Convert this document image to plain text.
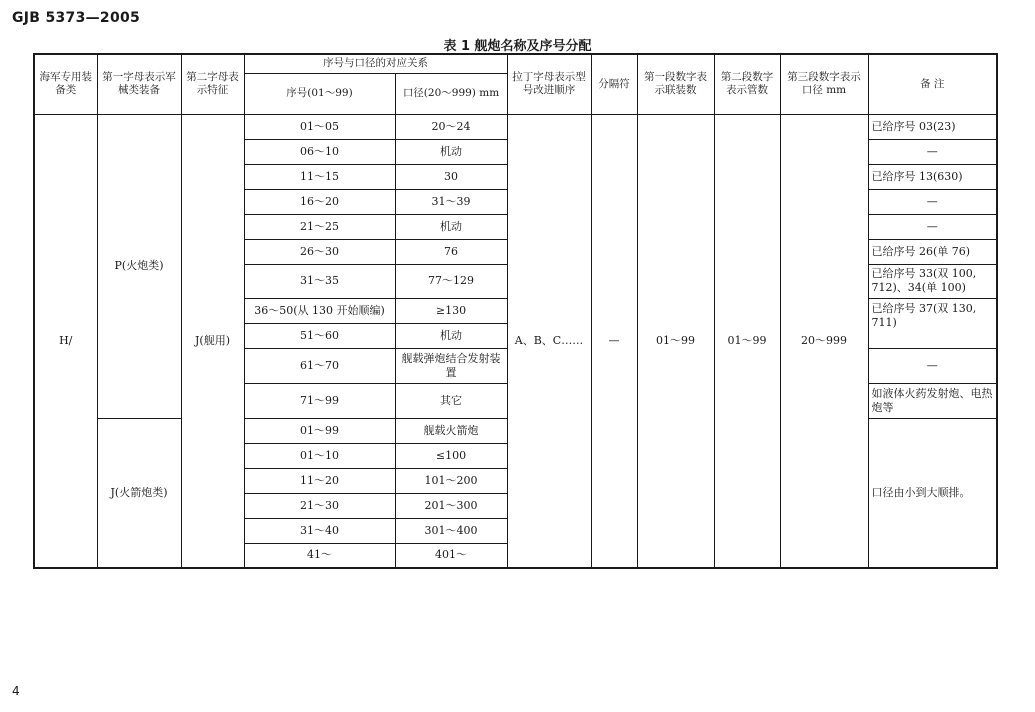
GJB 5373—2005
表 1 舰炮名称及序号分配
海军专用装备类	第一字母表示军械类装备	第二字母表示特征	序号与口径的对应关系		拉丁字母表示型号改进顺序	分隔符	第一段数字表示联装数	第二段数字表示管数	第三段数字表示口径 mm	备 注
			序号(01～99)	口径(20～999) mm						
H/	P(火炮类)	J(舰用)	01～05	20～24	A、B、C……	—	01～99	01～99	20～999	已给序号 03(23)
			06～10	机动						—
			11～15	30						已给序号 13(630)
			16～20	31～39						—
			21～25	机动						—
			26～30	76						已给序号 26(单 76)
			31～35	77～129						已给序号 33(双 100, 712)、34(单 100)
			36～50(从 130 开始顺编)	≥130						已给序号 37(双 130, 711)
			51～60	机动						
			61～70	舰载弹炮结合发射装置						—
			71～99	其它						如液体火药发射炮、电热炮等
	J(火箭炮类)		01～99	舰载火箭炮						口径由小到大顺排。
			01～10	≤100						
			11～20	101～200						
			21～30	201～300						
			31～40	301～400						
			41～	401～						
4
